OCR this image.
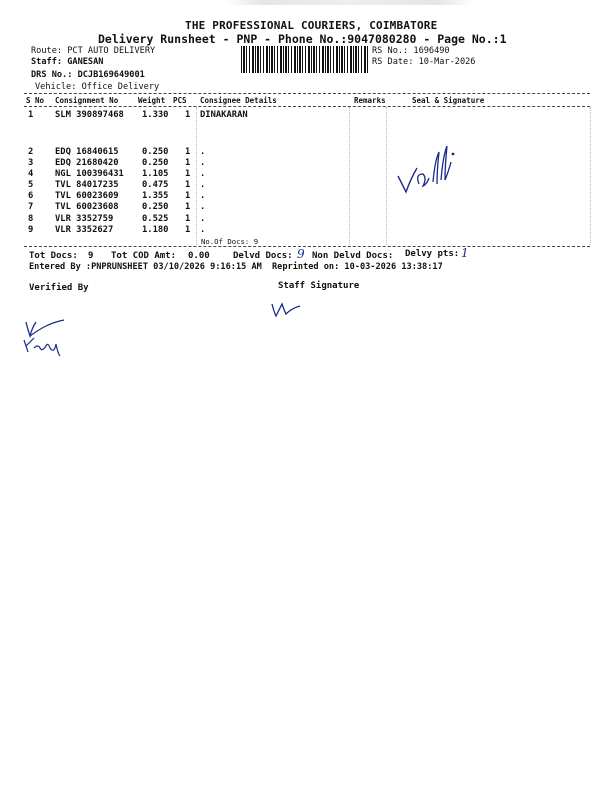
THE PROFESSIONAL COURIERS, COIMBATORE
Delivery Runsheet - PNP - Phone No.:9047080280 - Page No.:1
Route: PCT AUTO DELIVERY
Staff: GANESAN
DRS No.: DCJB169649001
Vehicle: Office Delivery
RS No.: 1696490
RS Date: 10-Mar-2026
S No Consignment No	Weight PCS Consignee Details	Remarks	Seal & Signature
1 SLM 390897468 1.330 1 DINAKARAN
2 EDQ 16840615	0.250 1 .
3 EDQ 21680420	0.250 1 .
4 NGL 100396431 1.105 1 .
5 TVL 84017235	0.475 1 .
6 TVL 60023609	1.355 1 .
7 TVL 60023608	0.250 1 .
8 VLR 3352759	0.525 1 .
9 VLR 3352627	1.180 1 .
No.Of Docs: 9
Tot Docs: 9 Tot COD Amt: 0.00	Delvd Docs: 9 Non Delvd Docs: Delvy pts: 1
Entered By :PNPRUNSHEET 03/10/2026 9:16:15 AM Reprinted on: 10-03-2026 13:38:17
Verified By	Staff Signature
